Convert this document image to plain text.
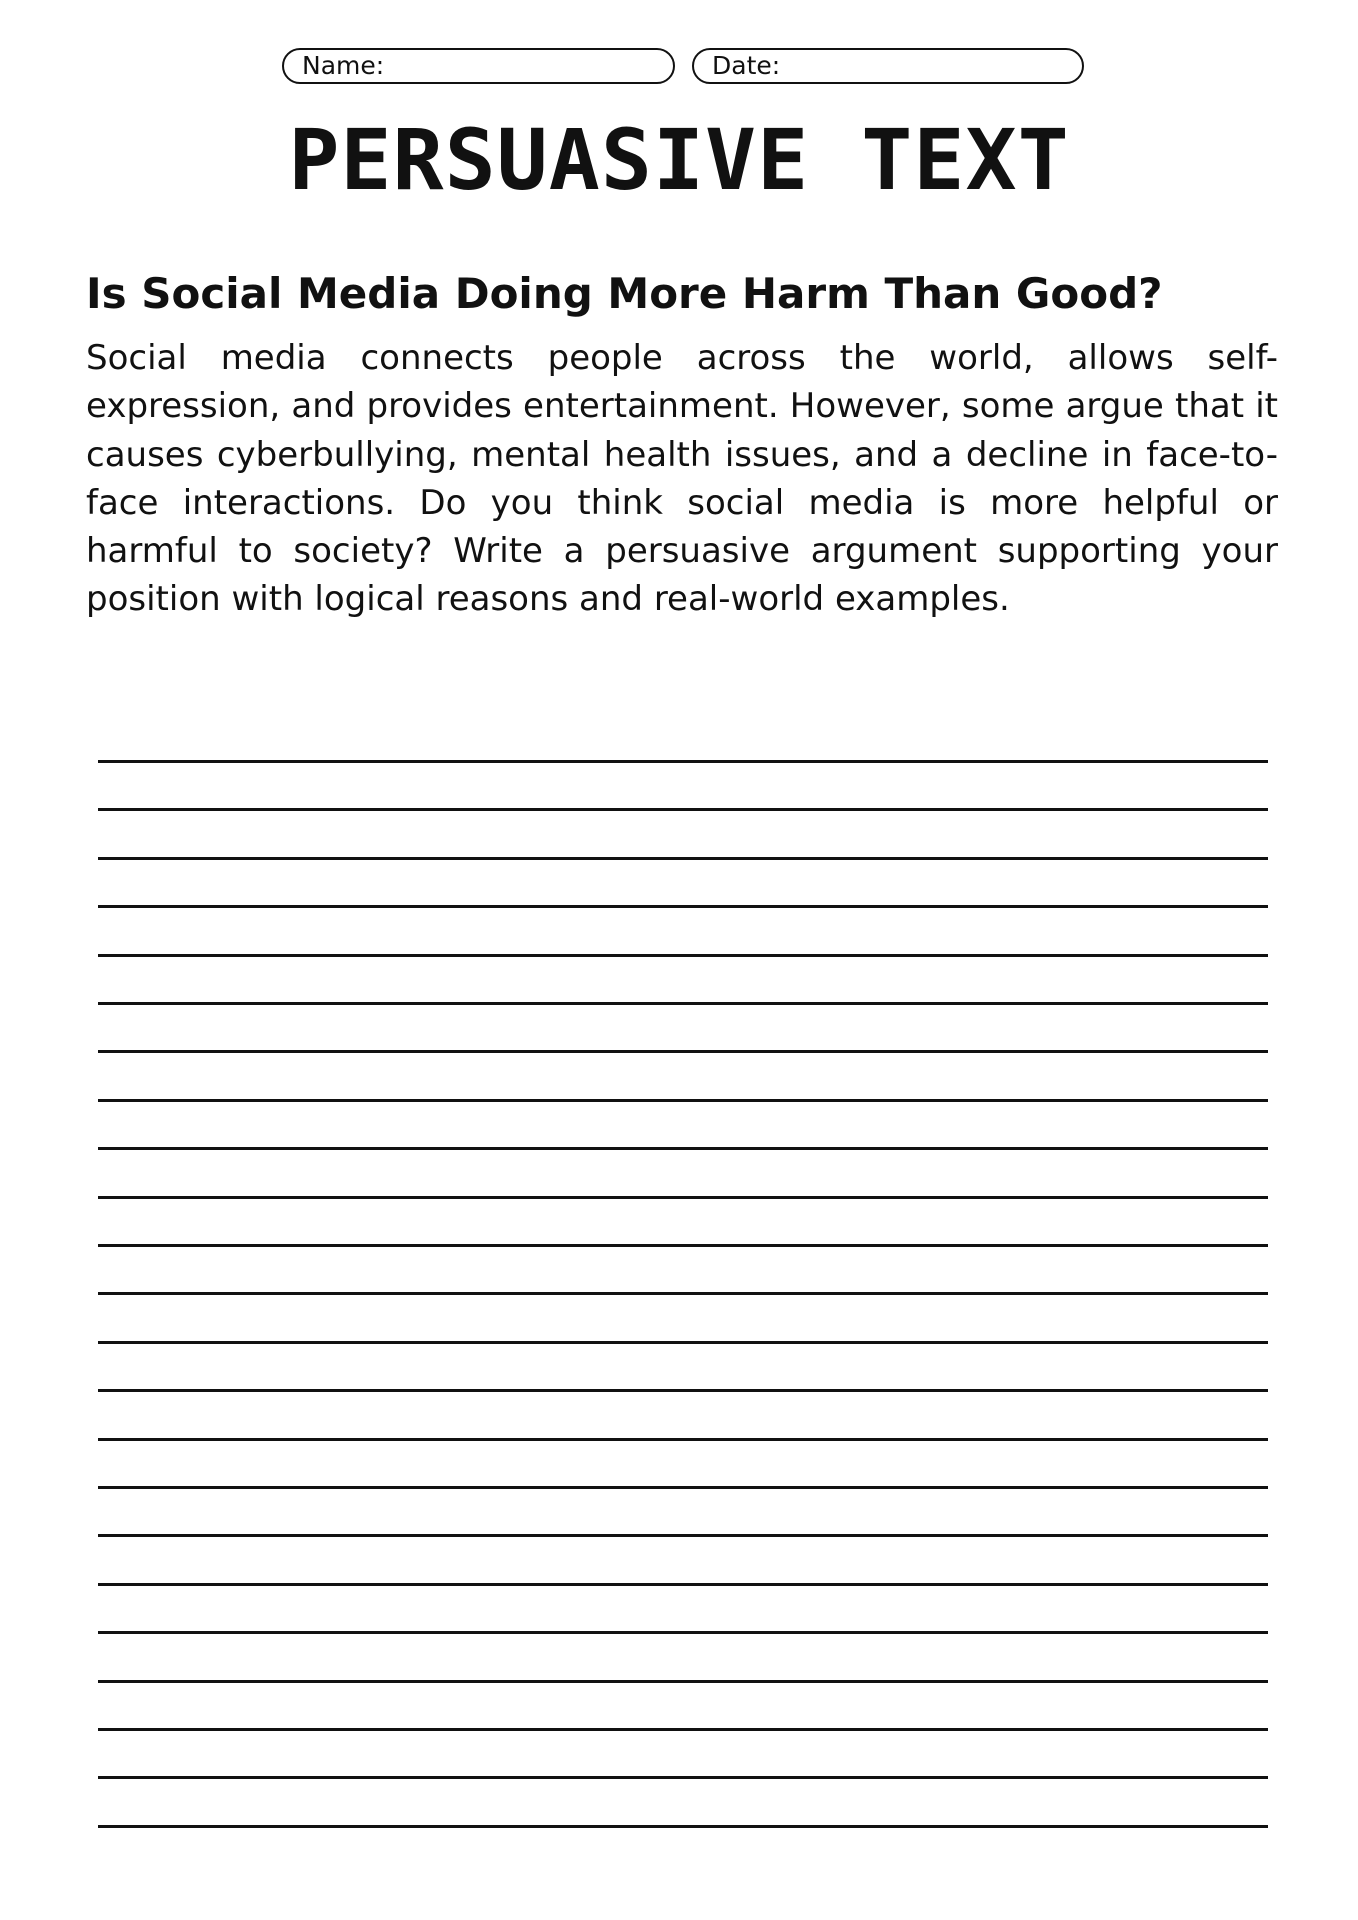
Name:	Date:
PERSUASIVE TEXT
Is Social Media Doing More Harm Than Good?

Social media connects people across the world, allows self-expression, and provides entertainment. However, some argue that it causes cyberbullying, mental health issues, and a decline in face-to-face interactions. Do you think social media is more helpful or harmful to society? Write a persuasive argument supporting your position with logical reasons and real-world examples.
